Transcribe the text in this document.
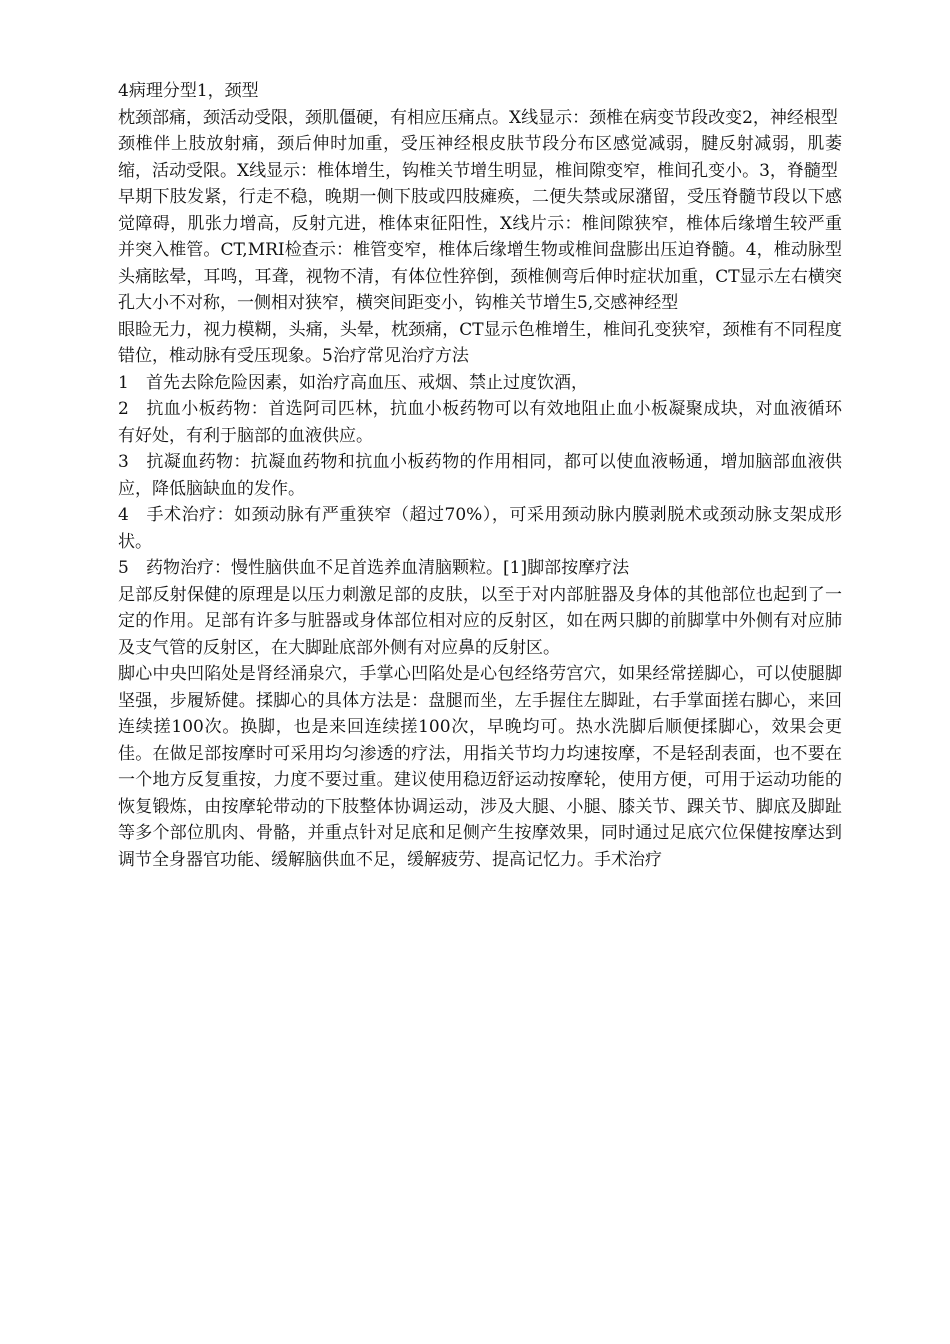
4病理分型1，颈型

枕颈部痛，颈活动受限，颈肌僵硬，有相应压痛点。X线显示：颈椎在病变节段改变2，神经根型

颈椎伴上肢放射痛，颈后伸时加重，受压神经根皮肤节段分布区感觉减弱，腱反射减弱，肌萎缩，活动受限。X线显示：椎体增生，钩椎关节增生明显，椎间隙变窄，椎间孔变小。3，脊髓型

早期下肢发紧，行走不稳，晚期一侧下肢或四肢瘫痪，二便失禁或尿潴留，受压脊髓节段以下感觉障碍，肌张力增高，反射亢进，椎体束征阳性，X线片示：椎间隙狭窄，椎体后缘增生较严重并突入椎管。CT,MRI检查示：椎管变窄，椎体后缘增生物或椎间盘膨出压迫脊髓。4，椎动脉型头痛眩晕，耳鸣，耳聋，视物不清，有体位性猝倒，颈椎侧弯后伸时症状加重，CT显示左右横突孔大小不对称，一侧相对狭窄，横突间距变小，钩椎关节增生5,交感神经型

眼睑无力，视力模糊，头痛，头晕，枕颈痛，CT显示色椎增生，椎间孔变狭窄，颈椎有不同程度错位，椎动脉有受压现象。5治疗常见治疗方法

1 首先去除危险因素，如治疗高血压、戒烟、禁止过度饮酒，

2 抗血小板药物：首选阿司匹林，抗血小板药物可以有效地阻止血小板凝聚成块，对血液循环有好处，有利于脑部的血液供应。

3 抗凝血药物：抗凝血药物和抗血小板药物的作用相同，都可以使血液畅通，增加脑部血液供应，降低脑缺血的发作。

4 手术治疗：如颈动脉有严重狭窄（超过70%），可采用颈动脉内膜剥脱术或颈动脉支架成形状。

5 药物治疗：慢性脑供血不足首选养血清脑颗粒。[1]脚部按摩疗法

足部反射保健的原理是以压力刺激足部的皮肤，以至于对内部脏器及身体的其他部位也起到了一定的作用。足部有许多与脏器或身体部位相对应的反射区，如在两只脚的前脚掌中外侧有对应肺及支气管的反射区，在大脚趾底部外侧有对应鼻的反射区。

脚心中央凹陷处是肾经涌泉穴，手掌心凹陷处是心包经络劳宫穴，如果经常搓脚心，可以使腿脚坚强，步履矫健。揉脚心的具体方法是：盘腿而坐，左手握住左脚趾，右手掌面搓右脚心，来回连续搓100次。换脚，也是来回连续搓100次，早晚均可。热水洗脚后顺便揉脚心，效果会更佳。在做足部按摩时可采用均匀渗透的疗法，用指关节均力均速按摩，不是轻刮表面，也不要在一个地方反复重按，力度不要过重。建议使用稳迈舒运动按摩轮，使用方便，可用于运动功能的恢复锻炼，由按摩轮带动的下肢整体协调运动，涉及大腿、小腿、膝关节、踝关节、脚底及脚趾等多个部位肌肉、骨骼，并重点针对足底和足侧产生按摩效果，同时通过足底穴位保健按摩达到调节全身器官功能、缓解脑供血不足，缓解疲劳、提高记忆力。手术治疗
